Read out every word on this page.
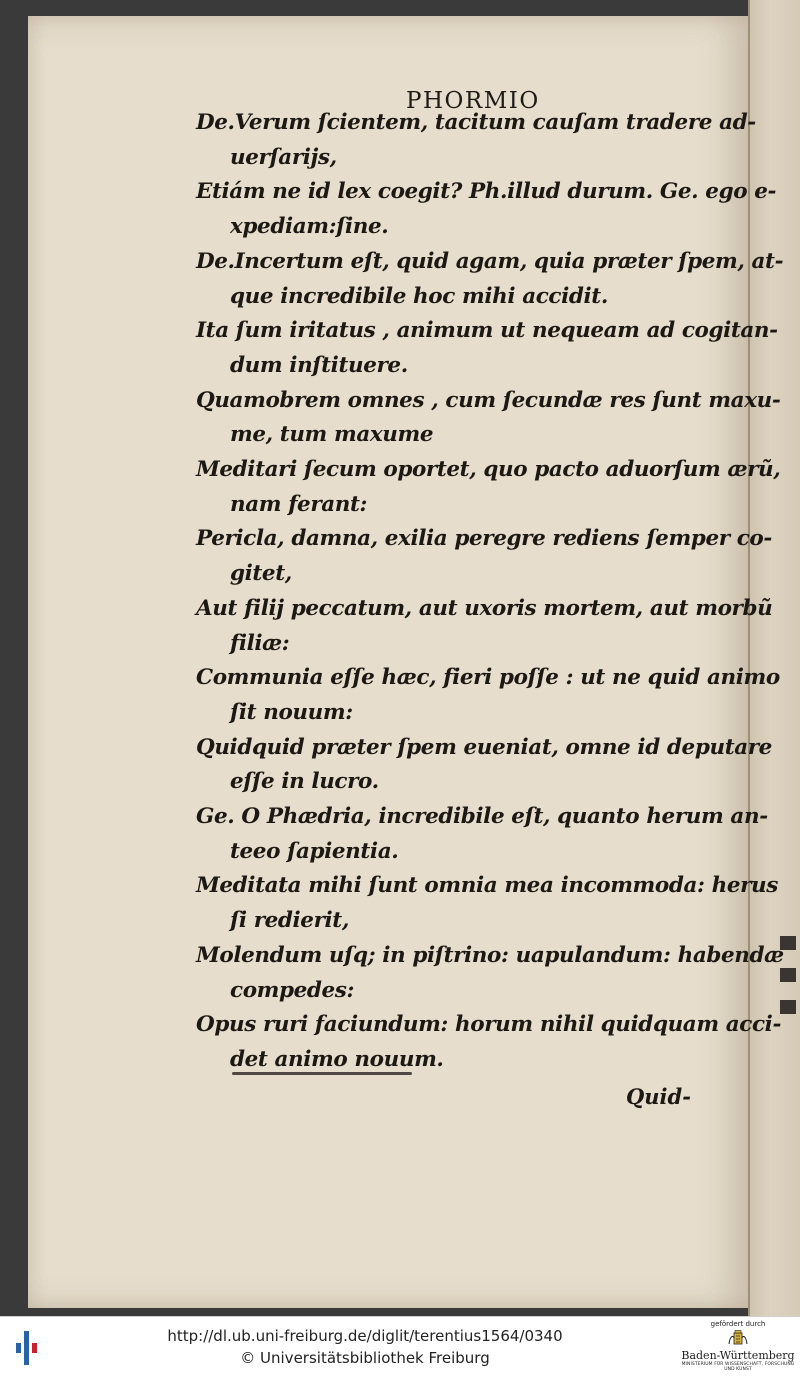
PHORMIO
De.Verum ſcientem, tacitum cauſam tradere ad-
uerſarijs,
Etiám ne id lex coegit? Ph.illud durum. Ge. ego e-
xpediam:ſine.
De.Incertum eſt, quid agam, quia præter ſpem, at-
que incredibile hoc mihi accidit.
Ita ſum iritatus , animum ut nequeam ad cogitan-
dum inſtituere.
Quamobrem omnes , cum ſecundæ res ſunt maxu-
me, tum maxume
Meditari ſecum oportet, quo pacto aduorſum ærũ,
nam ferant:
Pericla, damna, exilia peregre rediens ſemper co-
gitet,
Aut filij peccatum, aut uxoris mortem, aut morbũ
filiæ:
Communia eſſe hæc, fieri poſſe : ut ne quid animo
ſit nouum:
Quidquid præter ſpem eueniat, omne id deputare
eſſe in lucro.
Ge. O Phædria, incredibile eſt, quanto herum an-
teeo ſapientia.
Meditata mihi ſunt omnia mea incommoda: herus
ſi redierit,
Molendum uſq; in piſtrino: uapulandum: habendæ
compedes:
Opus ruri faciundum: horum nihil quidquam acci-
det animo nouum.
Quid-
http://dl.ub.uni-freiburg.de/diglit/terentius1564/0340
© Universitätsbibliothek Freiburg
gefördert durch
Baden-Württemberg
MINISTERIUM FÜR WISSENSCHAFT, FORSCHUNG UND KUNST
